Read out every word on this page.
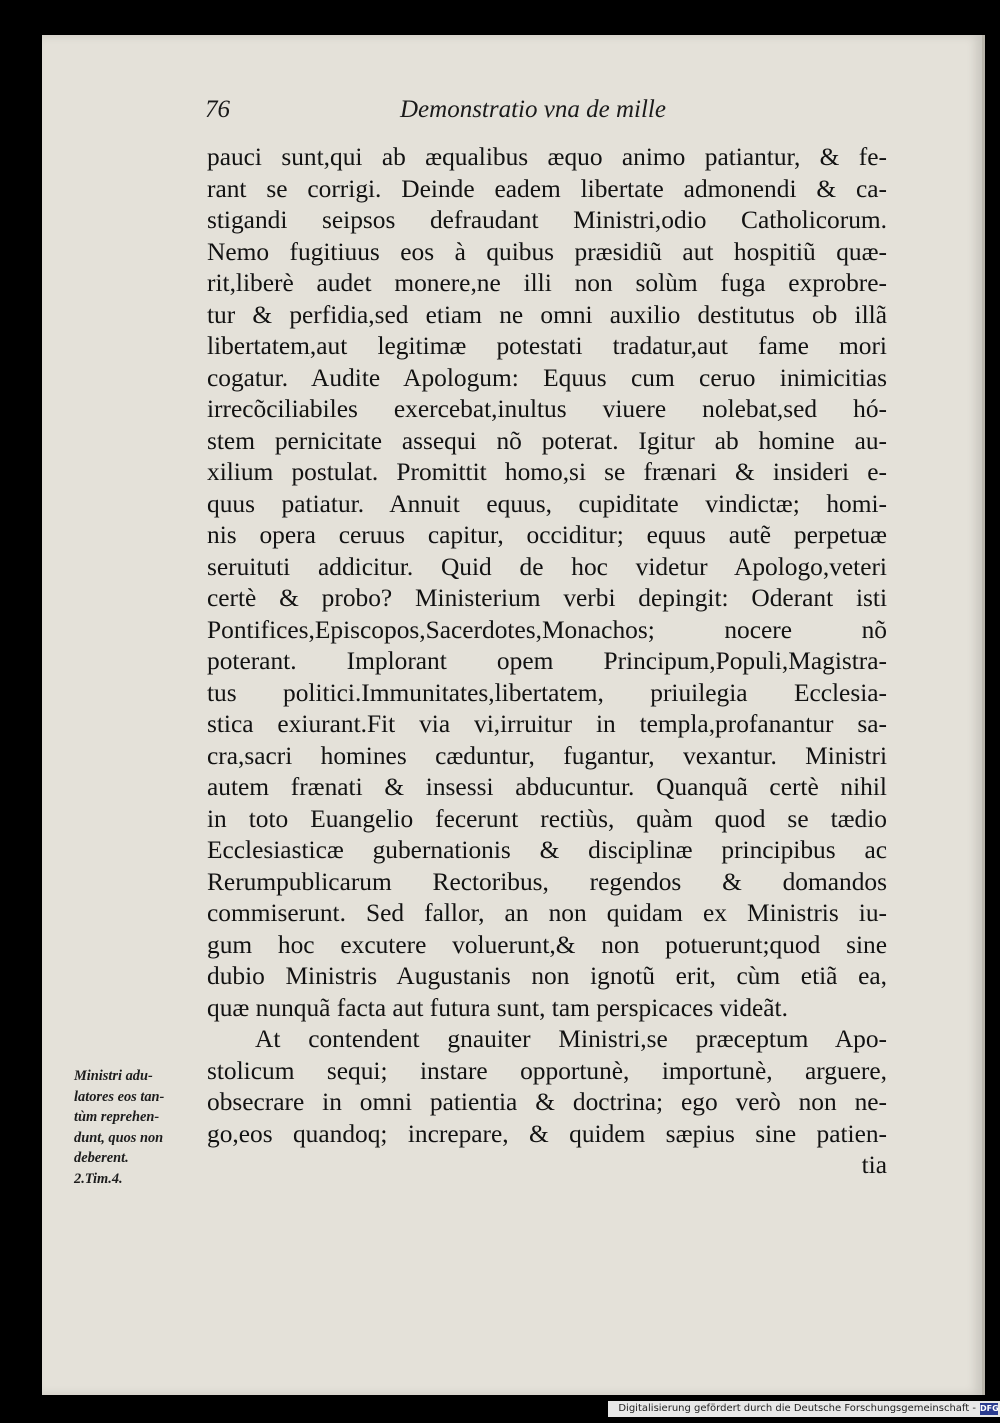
76	Demonstratio vna de mille
pauci sunt,qui ab æqualibus æquo animo patiantur, & fe-
rant se corrigi. Deinde eadem libertate admonendi & ca-
stigandi seipsos defraudant Ministri,odio Catholicorum.
Nemo fugitiuus eos à quibus præsidiũ aut hospitiũ quæ-
rit,liberè audet monere,ne illi non solùm fuga exprobre-
tur & perfidia,sed etiam ne omni auxilio destitutus ob illã
libertatem,aut legitimæ potestati tradatur,aut fame mori
cogatur. Audite Apologum: Equus cum ceruo inimicitias
irrecõciliabiles exercebat,inultus viuere nolebat,sed hó-
stem pernicitate assequi nõ poterat. Igitur ab homine au-
xilium postulat. Promittit homo,si se frænari & insideri e-
quus patiatur. Annuit equus, cupiditate vindictæ; homi-
nis opera ceruus capitur, occiditur; equus autẽ perpetuæ
seruituti addicitur. Quid de hoc videtur Apologo,veteri
certè & probo? Ministerium verbi depingit: Oderant isti
Pontifices,Episcopos,Sacerdotes,Monachos; nocere nõ
poterant. Implorant opem Principum,Populi,Magistra-
tus politici.Immunitates,libertatem, priuilegia Ecclesia-
stica exiurant.Fit via vi,irruitur in templa,profanantur sa-
cra,sacri homines cæduntur, fugantur, vexantur. Ministri
autem frænati & insessi abducuntur. Quanquã certè nihil
in toto Euangelio fecerunt rectiùs, quàm quod se tædio
Ecclesiasticæ gubernationis & disciplinæ principibus ac
Rerumpublicarum Rectoribus, regendos & domandos
commiserunt. Sed fallor, an non quidam ex Ministris iu-
gum hoc excutere voluerunt,& non potuerunt;quod sine
dubio Ministris Augustanis non ignotũ erit, cùm etiã ea,
quæ nunquã facta aut futura sunt, tam perspicaces videãt.
At contendent gnauiter Ministri,se præceptum Apo-
stolicum sequi; instare opportunè, importunè, arguere,
obsecrare in omni patientia & doctrina; ego verò non ne-
go,eos quandoq; increpare, & quidem sæpius sine patien-
tia
Ministri adu-
latores eos tan-
tùm reprehen-
dunt, quos non
deberent.
2.Tim.4.
Digitalisierung gefördert durch die Deutsche Forschungsgemeinschaft - DFG
